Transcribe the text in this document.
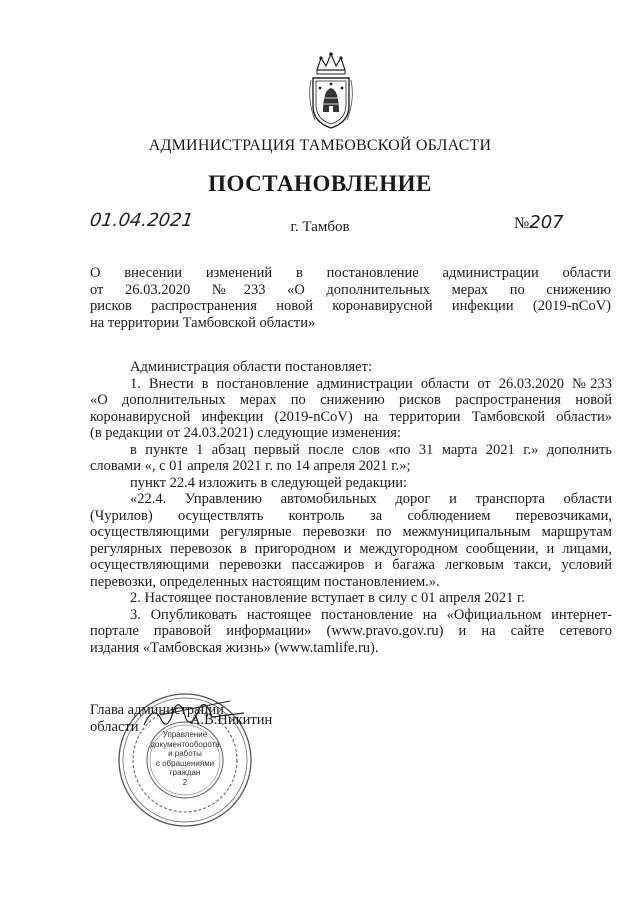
АДМИНИСТРАЦИЯ ТАМБОВСКОЙ ОБЛАСТИ
ПОСТАНОВЛЕНИЕ
01.04.2021	г. Тамбов	№207
О внесении изменений в постановление администрации области
от 26.03.2020 №233 «О дополнительных мерах по снижению
рисков распространения новой коронавирусной инфекции (2019-nCoV)
на территории Тамбовской области»
Администрация области постановляет:
1. Внести в постановление администрации области от 26.03.2020 №233
«О дополнительных мерах по снижению рисков распространения новой
коронавирусной инфекции (2019-nCoV) на территории Тамбовской области»
(в редакции от 24.03.2021) следующие изменения:
в пункте 1 абзац первый после слов «по 31 марта 2021 г.» дополнить
словами «, с 01 апреля 2021 г. по 14 апреля 2021 г.»;
пункт 22.4 изложить в следующей редакции:
«22.4. Управлению автомобильных дорог и транспорта области
(Чурилов) осуществлять контроль за соблюдением перевозчиками,
осуществляющими регулярные перевозки по межмуниципальным маршрутам
регулярных перевозок в пригородном и междугородном сообщении, и лицами,
осуществляющими перевозки пассажиров и багажа легковым такси, условий
перевозки, определенных настоящим постановлением.».
2. Настоящее постановление вступает в силу с 01 апреля 2021 г.
3. Опубликовать настоящее постановление на «Официальном интернет-
портале правовой информации» (www.pravo.gov.ru) и на сайте сетевого
издания «Тамбовская жизнь» (www.tamlife.ru).
Управление
документооборота
и работы
с обращениями
граждан
2
Глава администрации
области	А.В.Никитин
